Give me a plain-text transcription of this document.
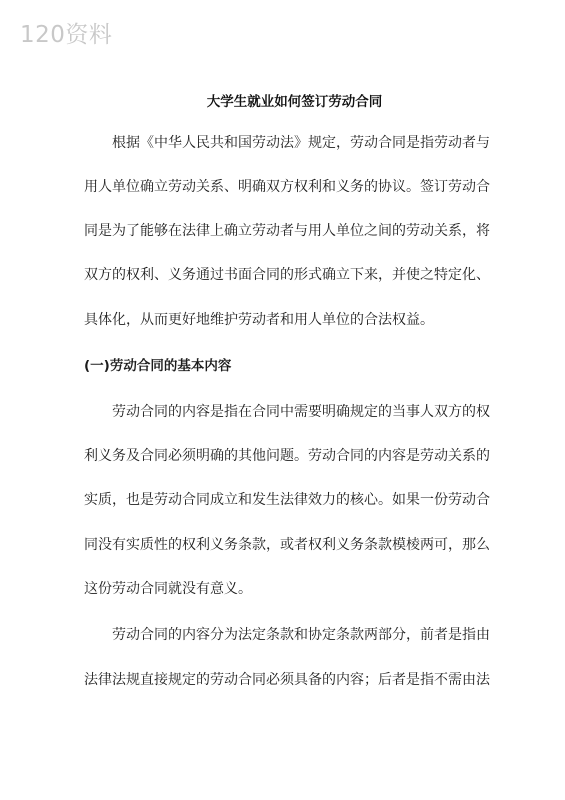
120资料
大学生就业如何签订劳动合同
根据《中华人民共和国劳动法》规定，劳动合同是指劳动者与
用人单位确立劳动关系、明确双方权利和义务的协议。签订劳动合
同是为了能够在法律上确立劳动者与用人单位之间的劳动关系，将
双方的权利、义务通过书面合同的形式确立下来，并使之特定化、
具体化，从而更好地维护劳动者和用人单位的合法权益。
(一)劳动合同的基本内容
劳动合同的内容是指在合同中需要明确规定的当事人双方的权
利义务及合同必须明确的其他问题。劳动合同的内容是劳动关系的
实质，也是劳动合同成立和发生法律效力的核心。如果一份劳动合
同没有实质性的权利义务条款，或者权利义务条款模棱两可，那么
这份劳动合同就没有意义。
劳动合同的内容分为法定条款和协定条款两部分，前者是指由
法律法规直接规定的劳动合同必须具备的内容；后者是指不需由法
